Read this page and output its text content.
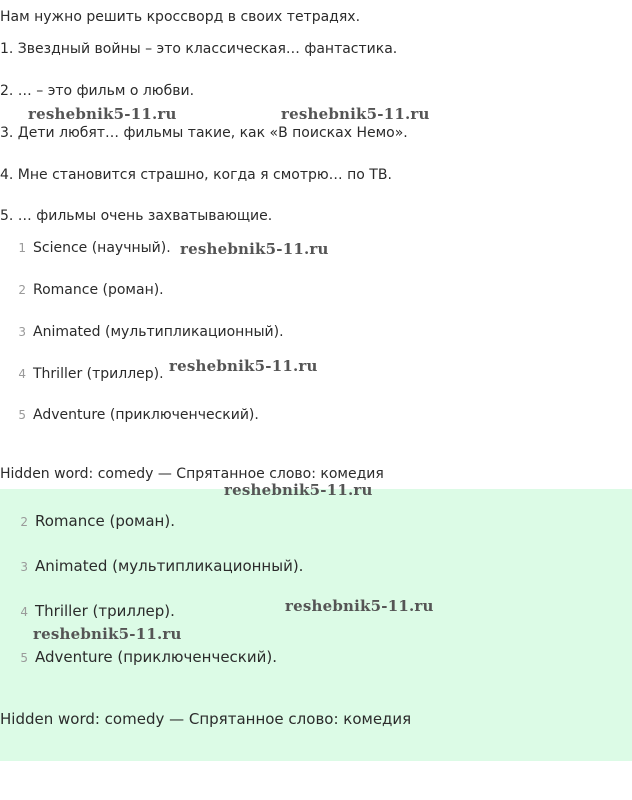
Нам нужно решить кроссворд в своих тетрадях.
1. Звездный войны – это классическая… фантастика.
2. … – это фильм о любви.
3. Дети любят… фильмы такие, как «В поисках Немо».
4. Мне становится страшно, когда я смотрю… по ТВ.
5. … фильмы очень захватывающие.
1 Science (научный).
2 Romance (роман).
3 Animated (мультипликационный).
4 Thriller (триллер).
5 Adventure (приключенческий).
Hidden word: comedy — Спрятанное слово: комедия
2 Romance (роман).
3 Animated (мультипликационный).
4 Thriller (триллер).
5 Adventure (приключенческий).
Hidden word: comedy — Спрятанное слово: комедия
reshebnik5-11.ru	reshebnik5-11.ru
reshebnik5-11.ru
reshebnik5-11.ru
reshebnik5-11.ru
reshebnik5-11.ru
reshebnik5-11.ru
